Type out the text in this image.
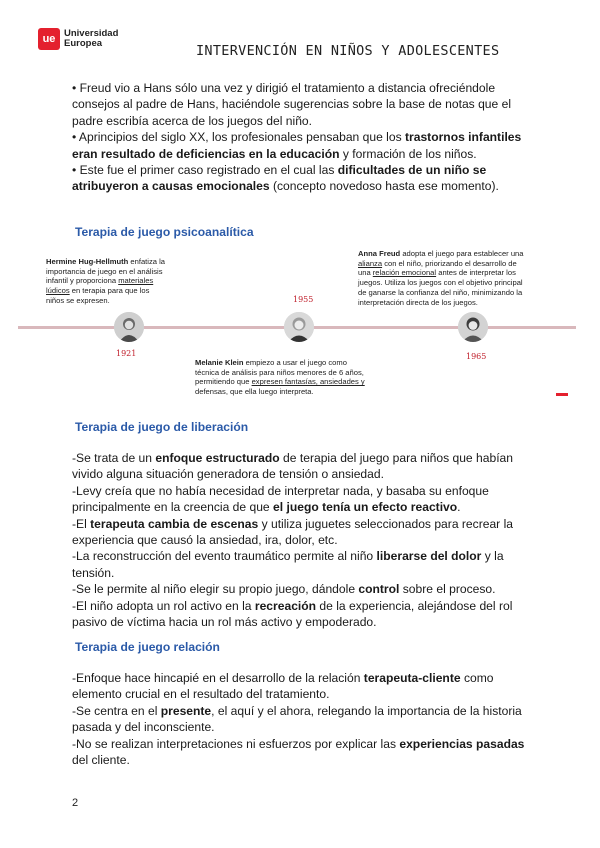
ue Universidad
Europea	INTERVENCIÓN EN NIÑOS Y ADOLESCENTES
• Freud vio a Hans sólo una vez y dirigió el tratamiento a distancia ofreciéndole
consejos al padre de Hans, haciéndole sugerencias sobre la base de notas que el
padre escribía acerca de los juegos del niño.
• Aprincipios del siglo XX, los profesionales pensaban que los trastornos infantiles
eran resultado de deficiencias en la educación y formación de los niños.
• Este fue el primer caso registrado en el cual las dificultades de un niño se
atribuyeron a causas emocionales (concepto novedoso hasta ese momento).
Terapia de juego psicoanalítica
Hermine Hug-Hellmuth enfatiza la
importancia de juego en el análisis
infantil y proporciona materiales
lúdicos en terapia para que los
niños se expresen.
1921
1955
Melanie Klein empiezo a usar el juego como
técnica de análisis para niños menores de 6 años,
permitiendo que expresen fantasías, ansiedades y
defensas, que ella luego interpreta.
Anna Freud adopta el juego para establecer una
alianza con el niño, priorizando el desarrollo de
una relación emocional antes de interpretar los
juegos. Utiliza los juegos con el objetivo principal
de ganarse la confianza del niño, minimizando la
interpretación directa de los juegos.
1965
Terapia de juego de liberación
-Se trata de un enfoque estructurado de terapia del juego para niños que habían
vivido alguna situación generadora de tensión o ansiedad.
-Levy creía que no había necesidad de interpretar nada, y basaba su enfoque
principalmente en la creencia de que el juego tenía un efecto reactivo.
-El terapeuta cambia de escenas y utiliza juguetes seleccionados para recrear la
experiencia que causó la ansiedad, ira, dolor, etc.
-La reconstrucción del evento traumático permite al niño liberarse del dolor y la
tensión.
-Se le permite al niño elegir su propio juego, dándole control sobre el proceso.
-El niño adopta un rol activo en la recreación de la experiencia, alejándose del rol
pasivo de víctima hacia un rol más activo y empoderado.
Terapia de juego relación
-Enfoque hace hincapié en el desarrollo de la relación terapeuta-cliente como
elemento crucial en el resultado del tratamiento.
-Se centra en el presente, el aquí y el ahora, relegando la importancia de la historia
pasada y del inconsciente.
-No se realizan interpretaciones ni esfuerzos por explicar las experiencias pasadas
del cliente.
2
